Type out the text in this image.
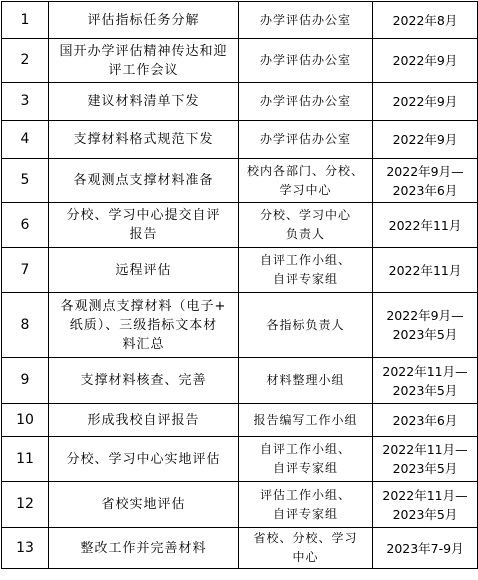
1	评估指标任务分解	办学评估办公室	2022年8月

2	国开办学评估精神传达和迎
评工作会议	办学评估办公室	2022年9月

3	建议材料清单下发	办学评估办公室	2022年9月

4	支撑材料格式规范下发	办学评估办公室	2022年9月

5	各观测点支撑材料准备	校内各部门、分校、
学习中心	2022年9月—
2023年6月

6	分校、学习中心提交自评
报告	分校、学习中心
负责人	2022年11月

7	远程评估	自评工作小组、
自评专家组	2022年11月

8	各观测点支撑材料（电子+
纸质）、三级指标文本材
料汇总	各指标负责人	2022年9月—
2023年5月

9	支撑材料核查、完善	材料整理小组	2022年11月—
2023年5月

10	形成我校自评报告	报告编写工作小组	2023年6月

11	分校、学习中心实地评估	自评工作小组、
自评专家组	2022年11月—
2023年5月

12	省校实地评估	评估工作小组、
自评专家组	2022年11月—
2023年5月

13	整改工作并完善材料	省校、分校、学习
中心	2023年7-9月
